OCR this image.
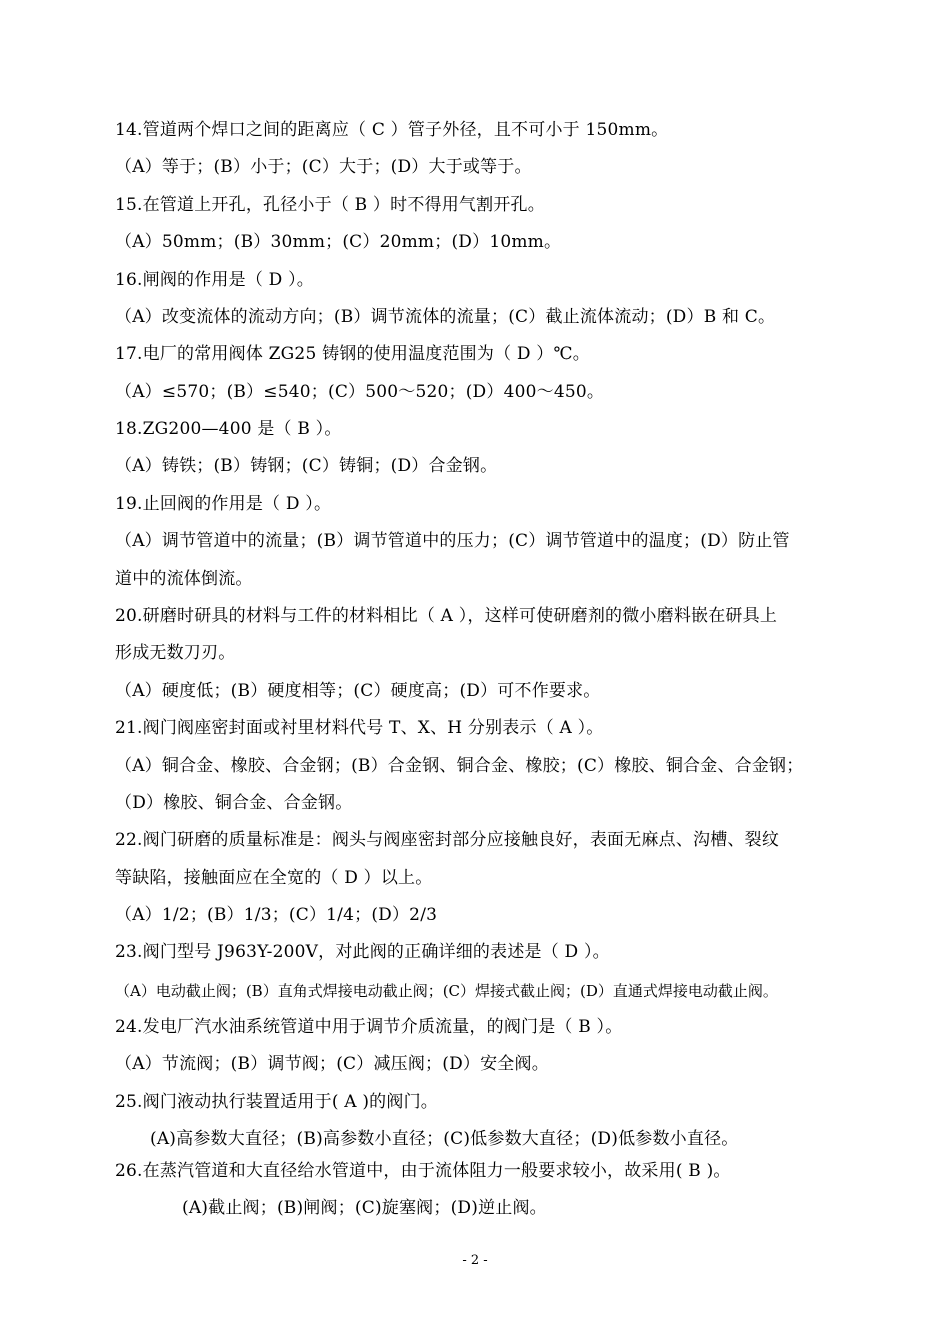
14.管道两个焊口之间的距离应（ C ）管子外径，且不可小于 150mm。
（A）等于；(B）小于；(C）大于；(D）大于或等于。
15.在管道上开孔，孔径小于（ B ）时不得用气割开孔。
（A）50mm；(B）30mm；(C）20mm；(D）10mm。
16.闸阀的作用是（ D ）。
（A）改变流体的流动方向；(B）调节流体的流量；(C）截止流体流动；(D）B 和 C。
17.电厂的常用阀体 ZG25 铸钢的使用温度范围为（ D ）℃。
（A）≤570；(B）≤540；(C）500～520；(D）400～450。
18.ZG200—400 是（ B ）。
（A）铸铁；(B）铸钢；(C）铸铜；(D）合金钢。
19.止回阀的作用是（ D ）。
（A）调节管道中的流量；(B）调节管道中的压力；(C）调节管道中的温度；(D）防止管
道中的流体倒流。
20.研磨时研具的材料与工件的材料相比（ A ），这样可使研磨剂的微小磨料嵌在研具上
形成无数刀刃。
（A）硬度低；(B）硬度相等；(C）硬度高；(D）可不作要求。
21.阀门阀座密封面或衬里材料代号 T、X、H 分别表示（ A ）。
（A）铜合金、橡胶、合金钢；(B）合金钢、铜合金、橡胶；(C）橡胶、铜合金、合金钢；
（D）橡胶、铜合金、合金钢。
22.阀门研磨的质量标准是：阀头与阀座密封部分应接触良好，表面无麻点、沟槽、裂纹
等缺陷，接触面应在全宽的（ D ）以上。
（A）1/2；(B）1/3；(C）1/4；(D）2/3
23.阀门型号 J963Y-200V，对此阀的正确详细的表述是（ D ）。
（A）电动截止阀；(B）直角式焊接电动截止阀；(C）焊接式截止阀；(D）直通式焊接电动截止阀。
24.发电厂汽水油系统管道中用于调节介质流量，的阀门是（ B ）。
（A）节流阀；(B）调节阀；(C）减压阀；(D）安全阀。
25.阀门液动执行装置适用于( A )的阀门。
(A)高参数大直径；(B)高参数小直径；(C)低参数大直径；(D)低参数小直径。
26.在蒸汽管道和大直径给水管道中，由于流体阻力一般要求较小，故采用( B )。
(A)截止阀；(B)闸阀；(C)旋塞阀；(D)逆止阀。
- 2 -
